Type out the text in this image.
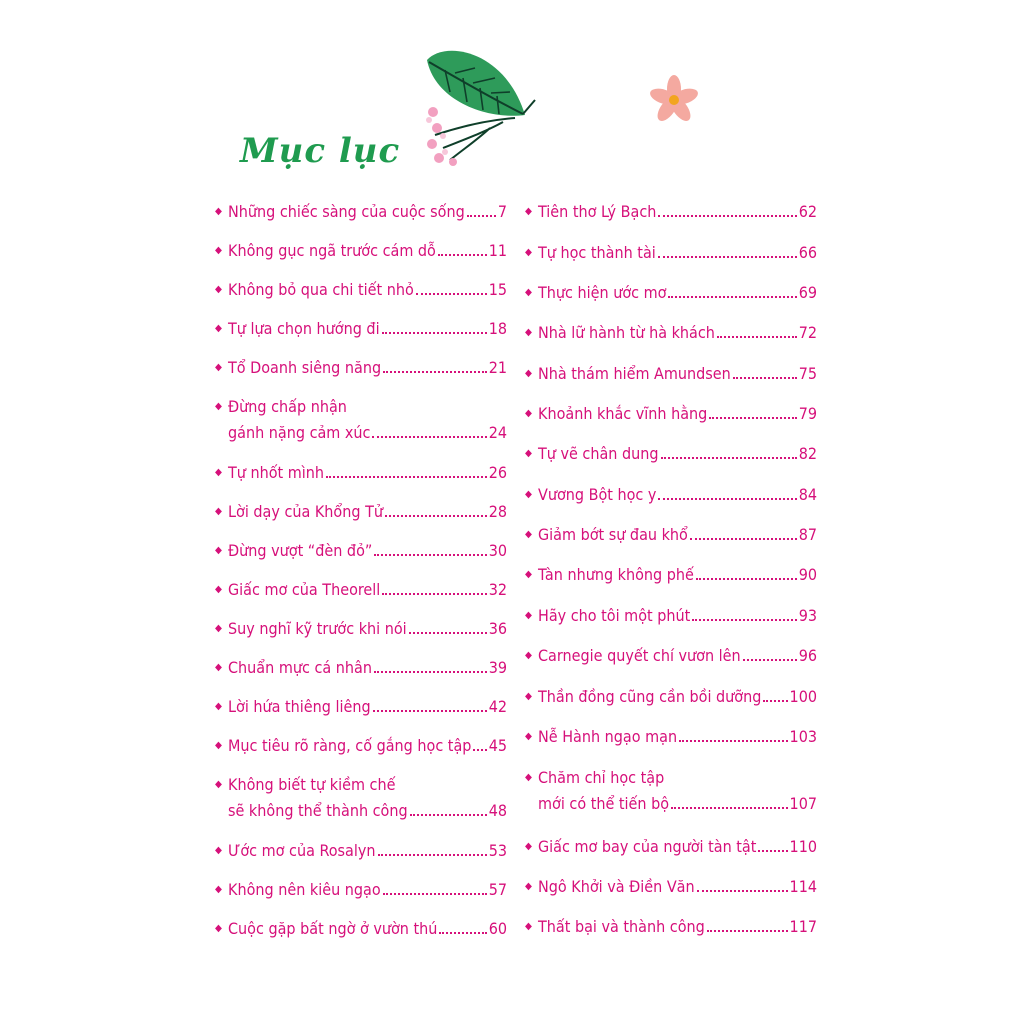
Mục lục
◆ Những chiếc sàng của cuộc sống 7
◆ Không gục ngã trước cám dỗ	11
◆ Không bỏ qua chi tiết nhỏ	15
◆ Tự lựa chọn hướng đi	18
◆ Tổ Doanh siêng năng	21
◆ Đừng chấp nhận
gánh nặng cảm xúc	24
◆ Tự nhốt mình	26
◆ Lời dạy của Khổng Tử	28
◆ Đừng vượt “đèn đỏ”	30
◆ Giấc mơ của Theorell	32
◆ Suy nghĩ kỹ trước khi nói	36
◆ Chuẩn mực cá nhân	39
◆ Lời hứa thiêng liêng	42
◆ Mục tiêu rõ ràng, cố gắng học tập 45
◆ Không biết tự kiềm chế
sẽ không thể thành công	48
◆ Ước mơ của Rosalyn	53
◆ Không nên kiêu ngạo	57
◆ Cuộc gặp bất ngờ ở vườn thú	60
◆ Tiên thơ Lý Bạch	62
◆ Tự học thành tài	66
◆ Thực hiện ước mơ	69
◆ Nhà lữ hành từ hà khách	72
◆ Nhà thám hiểm Amundsen	75
◆ Khoảnh khắc vĩnh hằng	79
◆ Tự vẽ chân dung	82
◆ Vương Bột học y	84
◆ Giảm bớt sự đau khổ	87
◆ Tàn nhưng không phế	90
◆ Hãy cho tôi một phút	93
◆ Carnegie quyết chí vươn lên	96
◆ Thần đồng cũng cần bồi dưỡng 100
◆ Nễ Hành ngạo mạn	103
◆ Chăm chỉ học tập
mới có thể tiến bộ	107
◆ Giấc mơ bay của người tàn tật 110
◆ Ngô Khởi và Điền Văn	114
◆ Thất bại và thành công	117
